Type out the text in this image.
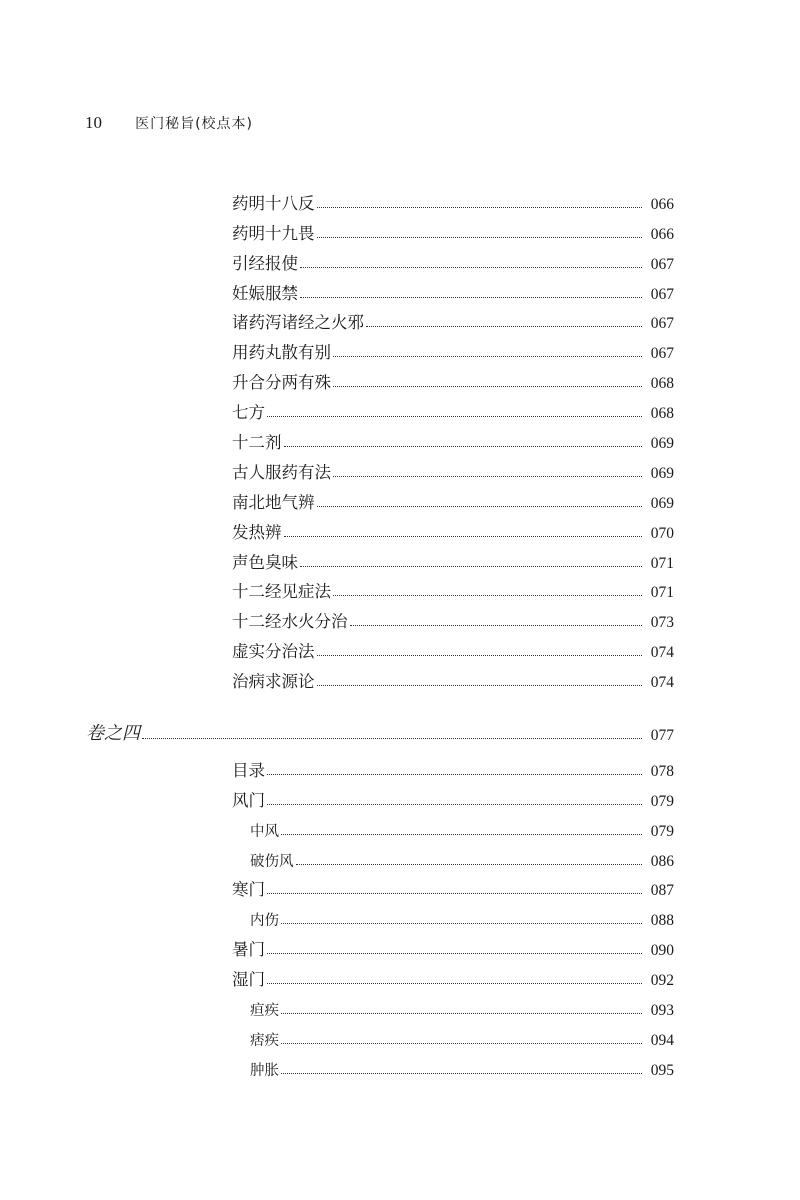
10 医门秘旨(校点本)
药明十八反	066
药明十九畏	066
引经报使	067
妊娠服禁	067
诸药泻诸经之火邪	067
用药丸散有别	067
升合分两有殊	068
七方	068
十二剂	069
古人服药有法	069
南北地气辨	069
发热辨	070
声色臭味	071
十二经见症法	071
十二经水火分治	073
虚实分治法	074
治病求源论	074
卷之四	077
目录	078
风门	079
中风	079
破伤风	086
寒门	087
内伤	088
暑门	090
湿门	092
疸疾	093
痞疾	094
肿胀	095
